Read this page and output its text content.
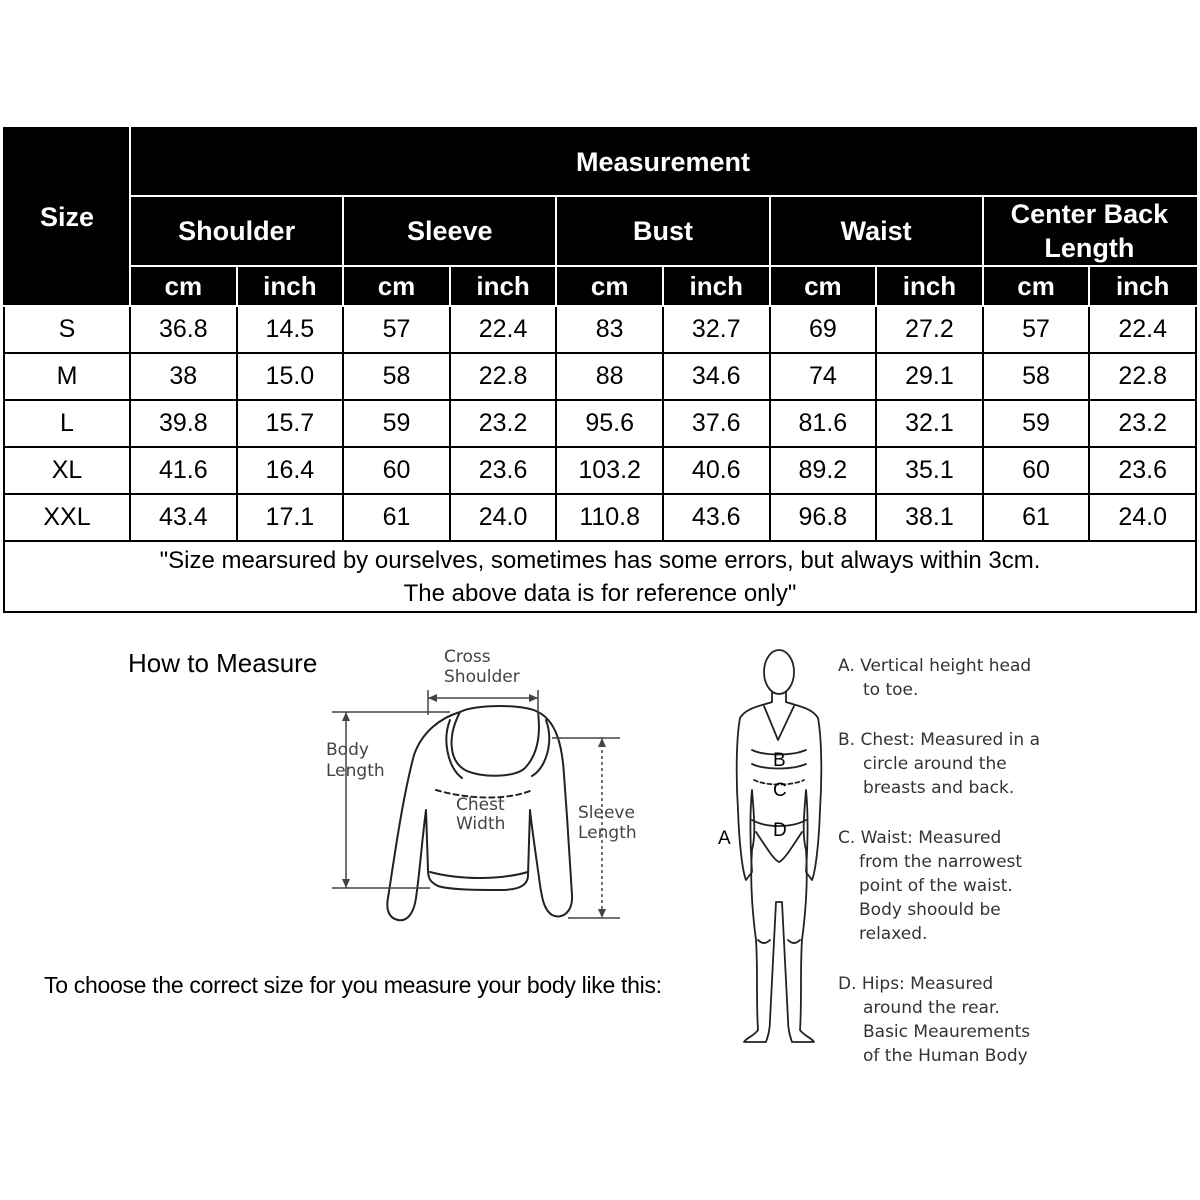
Size	Measurement									
	Shoulder		Sleeve		Bust		Waist		Center Back Length	
	cm	inch	cm	inch	cm	inch	cm	inch	cm	inch
S	36.8	14.5	57	22.4	83	32.7	69	27.2	57	22.4
M	38	15.0	58	22.8	88	34.6	74	29.1	58	22.8
L	39.8	15.7	59	23.2	95.6	37.6	81.6	32.1	59	23.2
XL	41.6	16.4	60	23.6	103.2	40.6	89.2	35.1	60	23.6
XXL	43.4	17.1	61	24.0	110.8	43.6	96.8	38.1	61	24.0

"Size mearsured by ourselves, sometimes has some errors, but always within 3cm.
The above data is for reference only"										
How to Measure	Cross
Shoulder
Body
Length
Chest
Width
Sleeve
Length
B
C
D
A
A. Vertical height head
to toe.
B. Chest: Measured in a
circle around the
breasts and back.
C. Waist: Measured
from the narrowest
point of the waist.
Body shoould be
relaxed.
D. Hips: Measured
around the rear.
Basic Meaurements
of the Human Body
To choose the correct size for you measure your body like this:
